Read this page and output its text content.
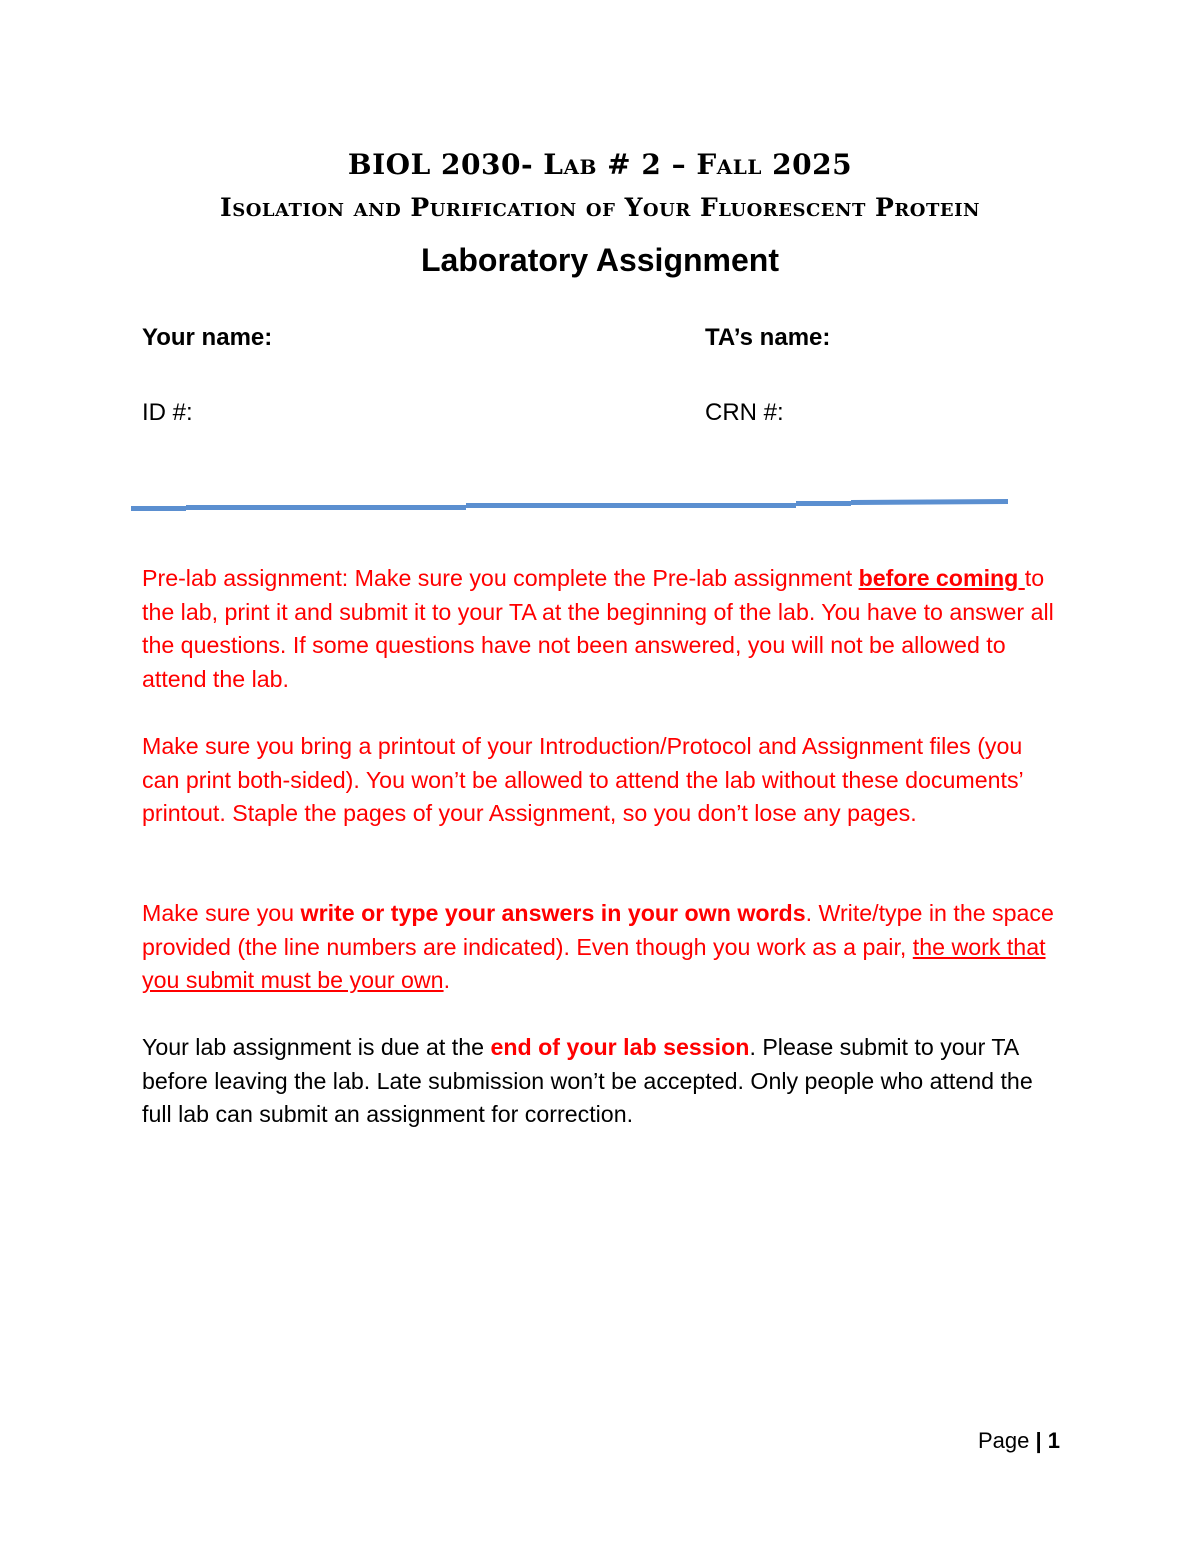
BIOL 2030- Lab # 2 – Fall 2025
Isolation and Purification of Your Fluorescent Protein
Laboratory Assignment
Your name:	TA’s name:
ID #:	CRN #:
Pre-lab assignment: Make sure you complete the Pre-lab assignment before coming to the lab, print it and submit it to your TA at the beginning of the lab. You have to answer all the questions. If some questions have not been answered, you will not be allowed to attend the lab.
Make sure you bring a printout of your Introduction/Protocol and Assignment files (you can print both-sided). You won’t be allowed to attend the lab without these documents’ printout. Staple the pages of your Assignment, so you don’t lose any pages.
Make sure you write or type your answers in your own words. Write/type in the space provided (the line numbers are indicated). Even though you work as a pair, the work that you submit must be your own.
Your lab assignment is due at the end of your lab session. Please submit to your TA before leaving the lab. Late submission won’t be accepted. Only people who attend the full lab can submit an assignment for correction.
Page | 1
